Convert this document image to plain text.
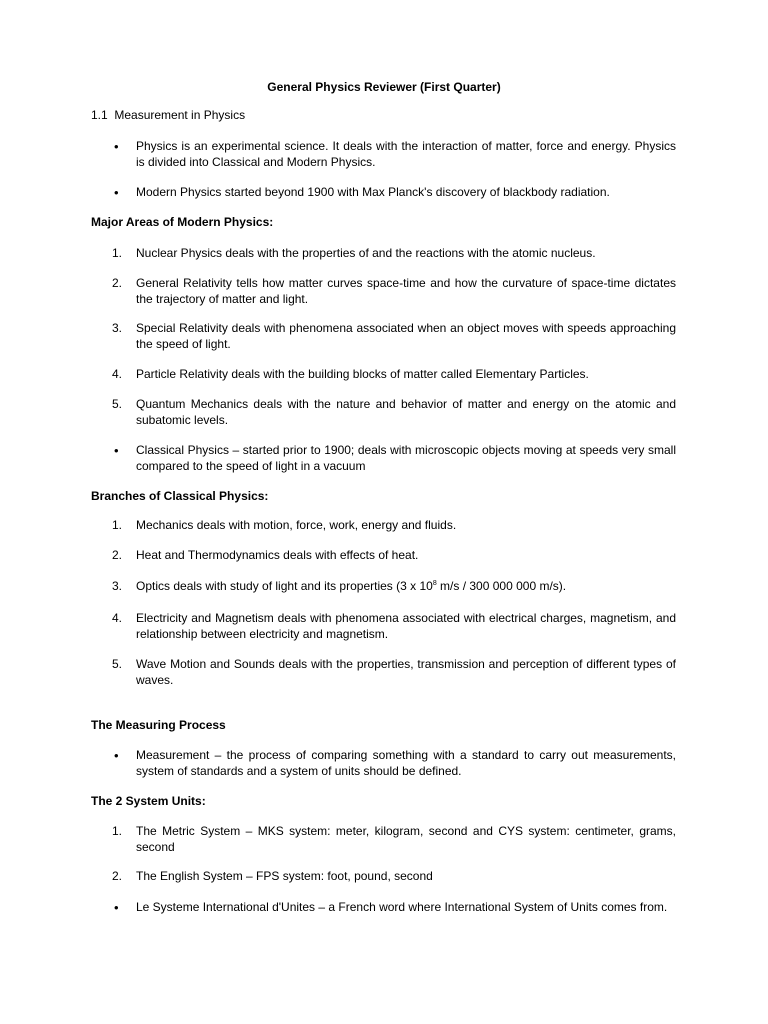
General Physics Reviewer (First Quarter)
1.1 Measurement in Physics
•	Physics is an experimental science. It deals with the interaction of matter, force and energy. Physics is divided into Classical and Modern Physics.
•	Modern Physics started beyond 1900 with Max Planck's discovery of blackbody radiation.
Major Areas of Modern Physics:
1.	Nuclear Physics deals with the properties of and the reactions with the atomic nucleus.
2.	General Relativity tells how matter curves space-time and how the curvature of space-time dictates the trajectory of matter and light.
3.	Special Relativity deals with phenomena associated when an object moves with speeds approaching the speed of light.
4.	Particle Relativity deals with the building blocks of matter called Elementary Particles.
5.	Quantum Mechanics deals with the nature and behavior of matter and energy on the atomic and subatomic levels.
•	Classical Physics – started prior to 1900; deals with microscopic objects moving at speeds very small compared to the speed of light in a vacuum
Branches of Classical Physics:
1.	Mechanics deals with motion, force, work, energy and fluids.
2.	Heat and Thermodynamics deals with effects of heat.
3.	Optics deals with study of light and its properties (3 x $10^8$ m/s / 300 000 000 m/s).
4.	Electricity and Magnetism deals with phenomena associated with electrical charges, magnetism, and relationship between electricity and magnetism.
5.	Wave Motion and Sounds deals with the properties, transmission and perception of different types of waves.
The Measuring Process
•	Measurement – the process of comparing something with a standard to carry out measurements, system of standards and a system of units should be defined.
The 2 System Units:
1.	The Metric System – MKS system: meter, kilogram, second and CYS system: centimeter, grams, second
2.	The English System – FPS system: foot, pound, second
•	Le Systeme International d'Unites – a French word where International System of Units comes from.
